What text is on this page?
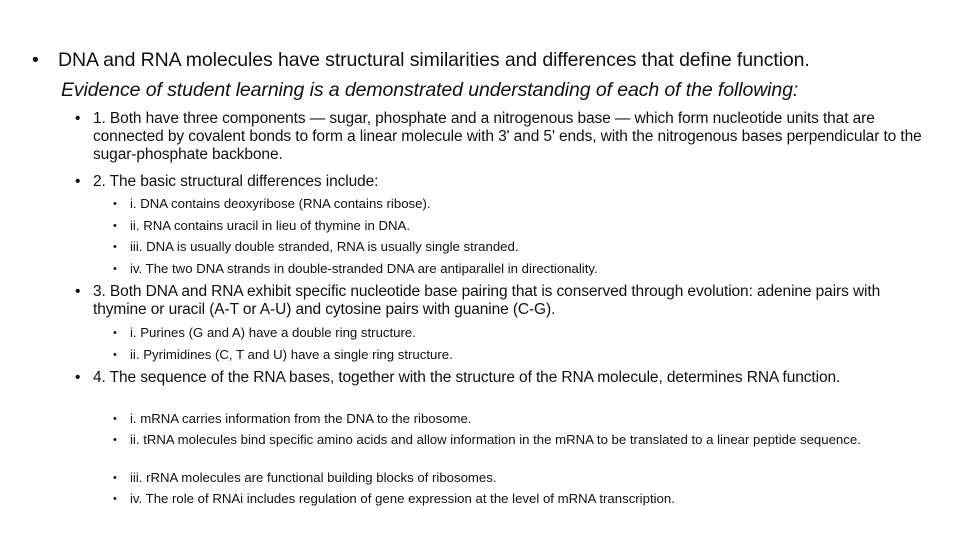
• DNA and RNA molecules have structural similarities and differences that define function.
Evidence of student learning is a demonstrated understanding of each of the following:
• 1. Both have three components — sugar, phosphate and a nitrogenous base — which form nucleotide units that are connected by covalent bonds to form a linear molecule with 3' and 5' ends, with the nitrogenous bases perpendicular to the sugar-phosphate backbone.
• 2. The basic structural differences include:
• i. DNA contains deoxyribose (RNA contains ribose).
• ii. RNA contains uracil in lieu of thymine in DNA.
• iii. DNA is usually double stranded, RNA is usually single stranded.
• iv. The two DNA strands in double-stranded DNA are antiparallel in directionality.
• 3. Both DNA and RNA exhibit specific nucleotide base pairing that is conserved through evolution: adenine pairs with thymine or uracil (A-T or A-U) and cytosine pairs with guanine (C-G).
• i. Purines (G and A) have a double ring structure.
• ii. Pyrimidines (C, T and U) have a single ring structure.
• 4. The sequence of the RNA bases, together with the structure of the RNA molecule, determines RNA function.
• i. mRNA carries information from the DNA to the ribosome.
• ii. tRNA molecules bind specific amino acids and allow information in the mRNA to be translated to a linear peptide sequence.
• iii. rRNA molecules are functional building blocks of ribosomes.
• iv. The role of RNAi includes regulation of gene expression at the level of mRNA transcription.
